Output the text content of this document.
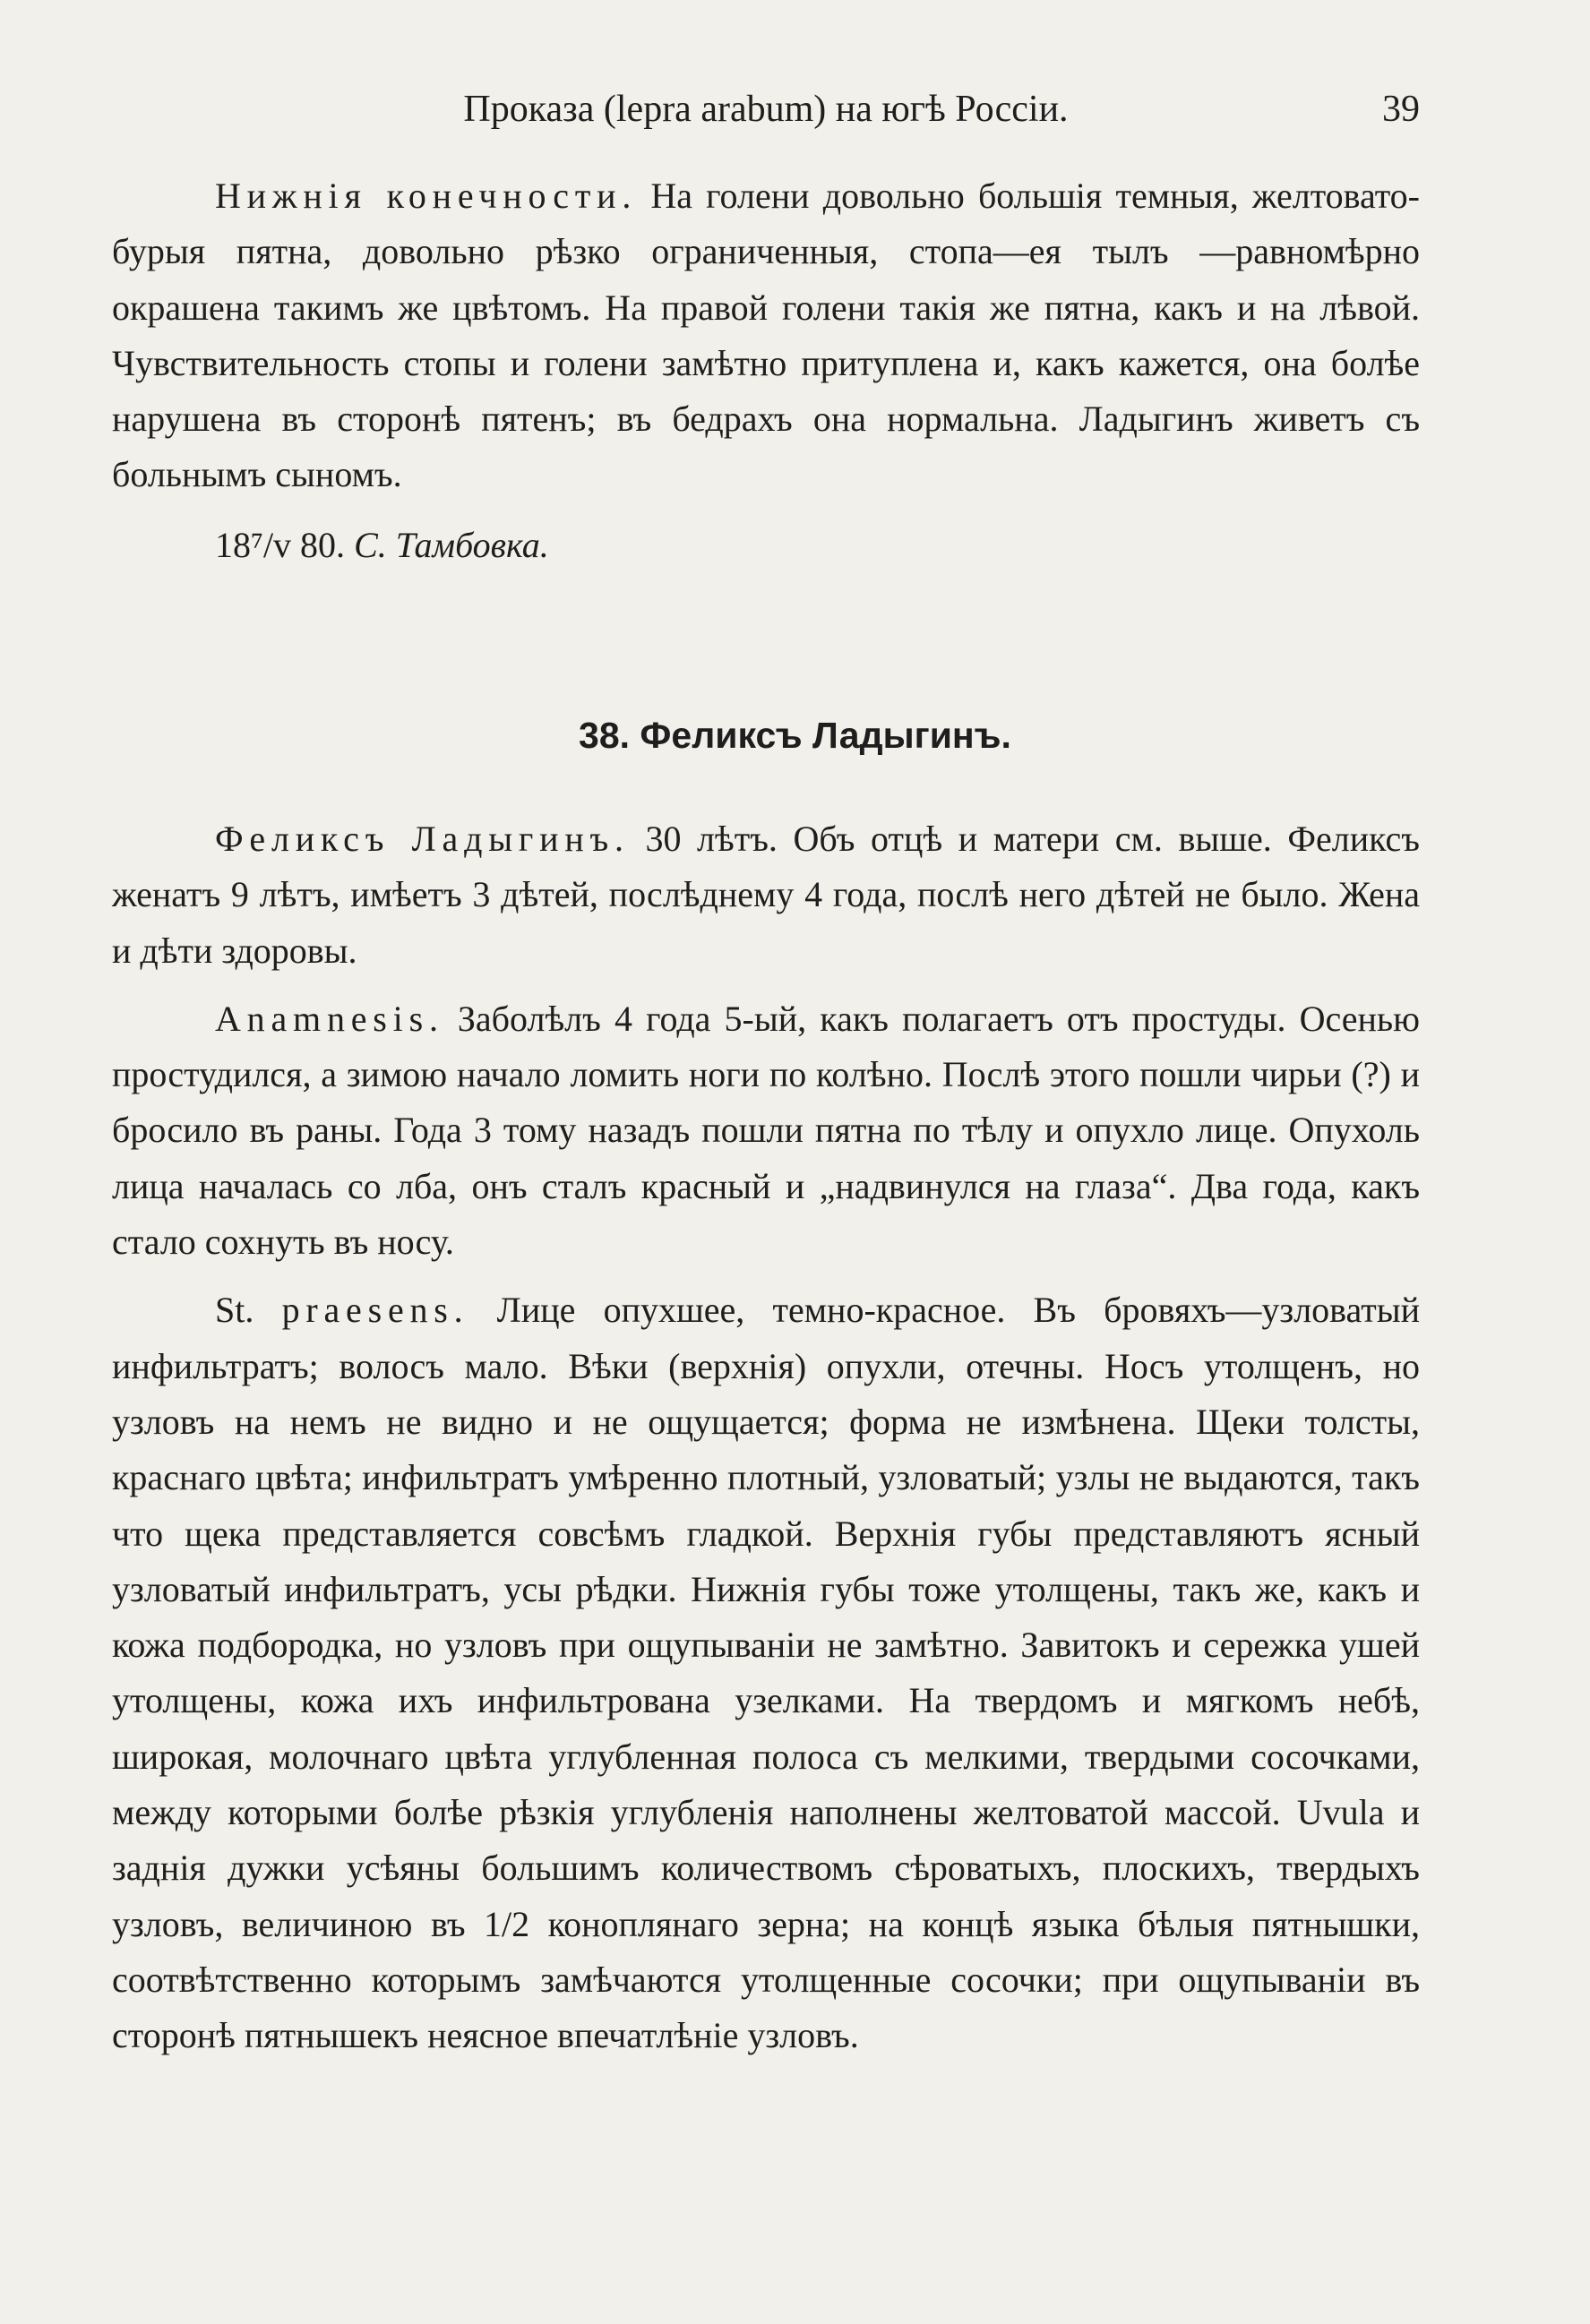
Проказа (lepra arabum) на югѣ Россіи.	39

Нижнія конечности. На голени довольно большія темныя, желтовато-бурыя пятна, довольно рѣзко ограниченныя, стопа—ея тылъ —равномѣрно окрашена такимъ же цвѣтомъ. На правой голени такія же пятна, какъ и на лѣвой. Чувствительность стопы и голени замѣтно притуплена и, какъ кажется, она болѣе нарушена въ сторонѣ пятенъ; въ бедрахъ она нормальна. Ладыгинъ живетъ съ больнымъ сыномъ.

18⁷/v 80. С. Тамбовка.
38. Феликсъ Ладыгинъ.

Феликсъ Ладыгинъ. 30 лѣтъ. Объ отцѣ и матери см. выше. Феликсъ женатъ 9 лѣтъ, имѣетъ 3 дѣтей, послѣднему 4 года, послѣ него дѣтей не было. Жена и дѣти здоровы.

Anamnesis. Заболѣлъ 4 года 5-ый, какъ полагаетъ отъ простуды. Осенью простудился, а зимою начало ломить ноги по колѣно. Послѣ этого пошли чирьи (?) и бросило въ раны. Года 3 тому назадъ пошли пятна по тѣлу и опухло лице. Опухоль лица началась со лба, онъ сталъ красный и „надвинулся на глаза“. Два года, какъ стало сохнуть въ носу.

St. praesens. Лице опухшее, темно-красное. Въ бровяхъ—узловатый инфильтратъ; волосъ мало. Вѣки (верхнія) опухли, отечны. Носъ утолщенъ, но узловъ на немъ не видно и не ощущается; форма не измѣнена. Щеки толсты, краснаго цвѣта; инфильтратъ умѣренно плотный, узловатый; узлы не выдаются, такъ что щека представляется совсѣмъ гладкой. Верхнія губы представляютъ ясный узловатый инфильтратъ, усы рѣдки. Нижнія губы тоже утолщены, такъ же, какъ и кожа подбородка, но узловъ при ощупываніи не замѣтно. Завитокъ и сережка ушей утолщены, кожа ихъ инфильтрована узелками. На твердомъ и мягкомъ небѣ, широкая, молочнаго цвѣта углубленная полоса съ мелкими, твердыми сосочками, между которыми болѣе рѣзкія углубленія наполнены желтоватой массой. Uvula и заднія дужки усѣяны большимъ количествомъ сѣроватыхъ, плоскихъ, твердыхъ узловъ, величиною въ 1/2 коноплянаго зерна; на концѣ языка бѣлыя пятнышки, соотвѣтственно которымъ замѣчаются утолщенные сосочки; при ощупываніи въ сторонѣ пятнышекъ неясное впечатлѣніе узловъ.
